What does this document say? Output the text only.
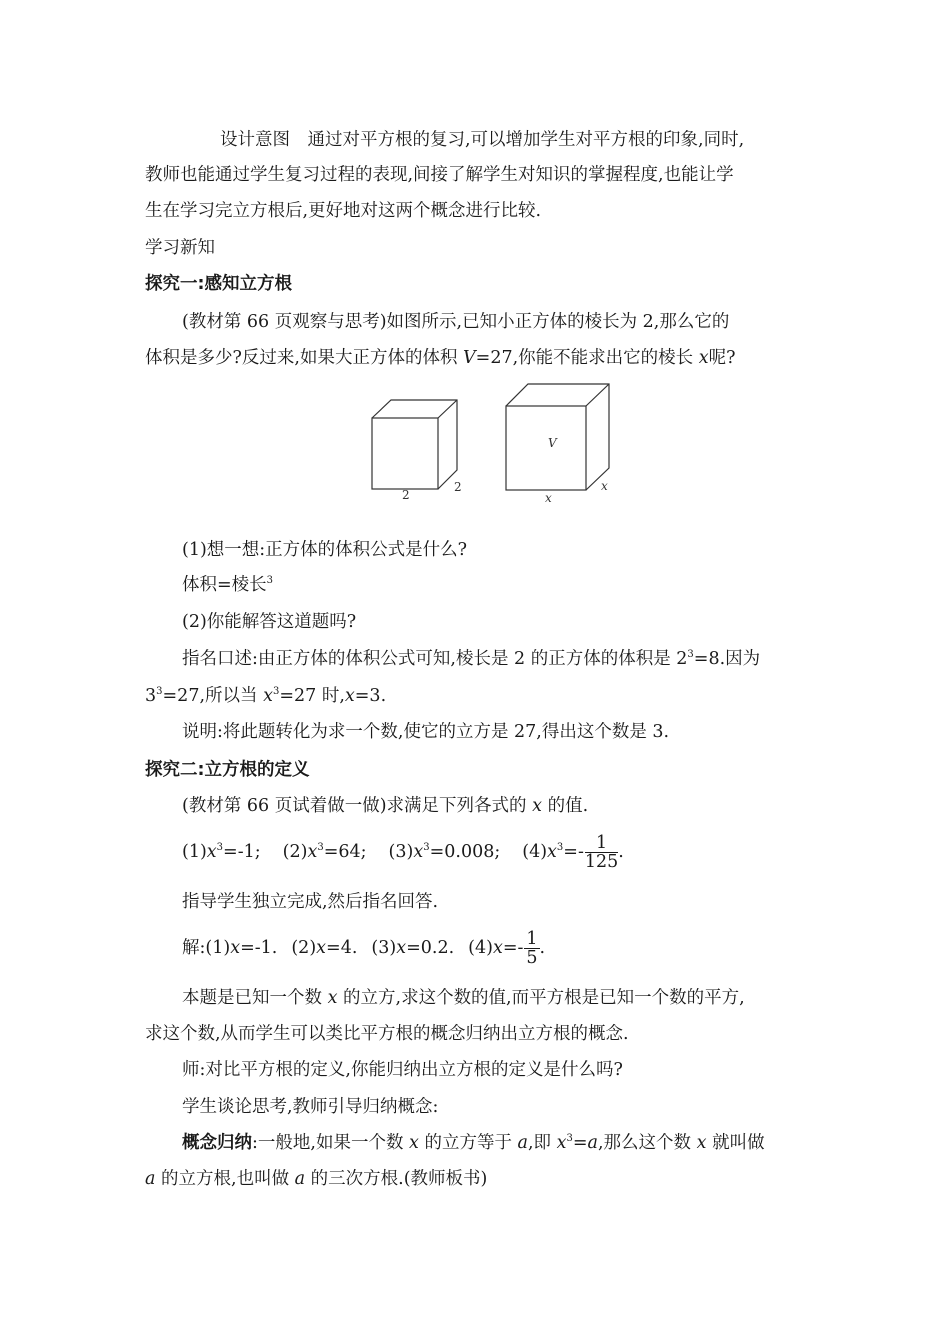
设计意图　通过对平方根的复习,可以增加学生对平方根的印象,同时,
教师也能通过学生复习过程的表现,间接了解学生对知识的掌握程度,也能让学
生在学习完立方根后,更好地对这两个概念进行比较.
学习新知
探究一:感知立方根
(教材第 66 页观察与思考)如图所示,已知小正方体的棱长为 2,那么它的
体积是多少?反过来,如果大正方体的体积 V=27,你能不能求出它的棱长 x呢?
2
2
V
x
x
(1)想一想:正方体的体积公式是什么?
体积=棱长$^3$
(2)你能解答这道题吗?
指名口述:由正方体的体积公式可知,棱长是 2 的正方体的体积是 $2^3=8$.因为
$3^3=27$,所以当 $x^3=27$ 时,x=3.
说明:将此题转化为求一个数,使它的立方是 27,得出这个数是 3.
探究二:立方根的定义
(教材第 66 页试着做一做)求满足下列各式的 x 的值.
$(1)x^3=-1$; $(2)x^3=64$; $(3)x^3=0.008$; $(4)x^3=- \frac{1}{125}$ .
指导学生独立完成,然后指名回答.
解:(1)x=-1. (2)x=4. (3)x=0.2. $(4)x=- \frac{1}{5}$ .
本题是已知一个数 x 的立方,求这个数的值,而平方根是已知一个数的平方,
求这个数,从而学生可以类比平方根的概念归纳出立方根的概念.
师:对比平方根的定义,你能归纳出立方根的定义是什么吗?
学生谈论思考,教师引导归纳概念:
概念归纳:一般地,如果一个数 x 的立方等于 a,即 $x^3=a$,那么这个数 x 就叫做
a 的立方根,也叫做 a 的三次方根.(教师板书)
